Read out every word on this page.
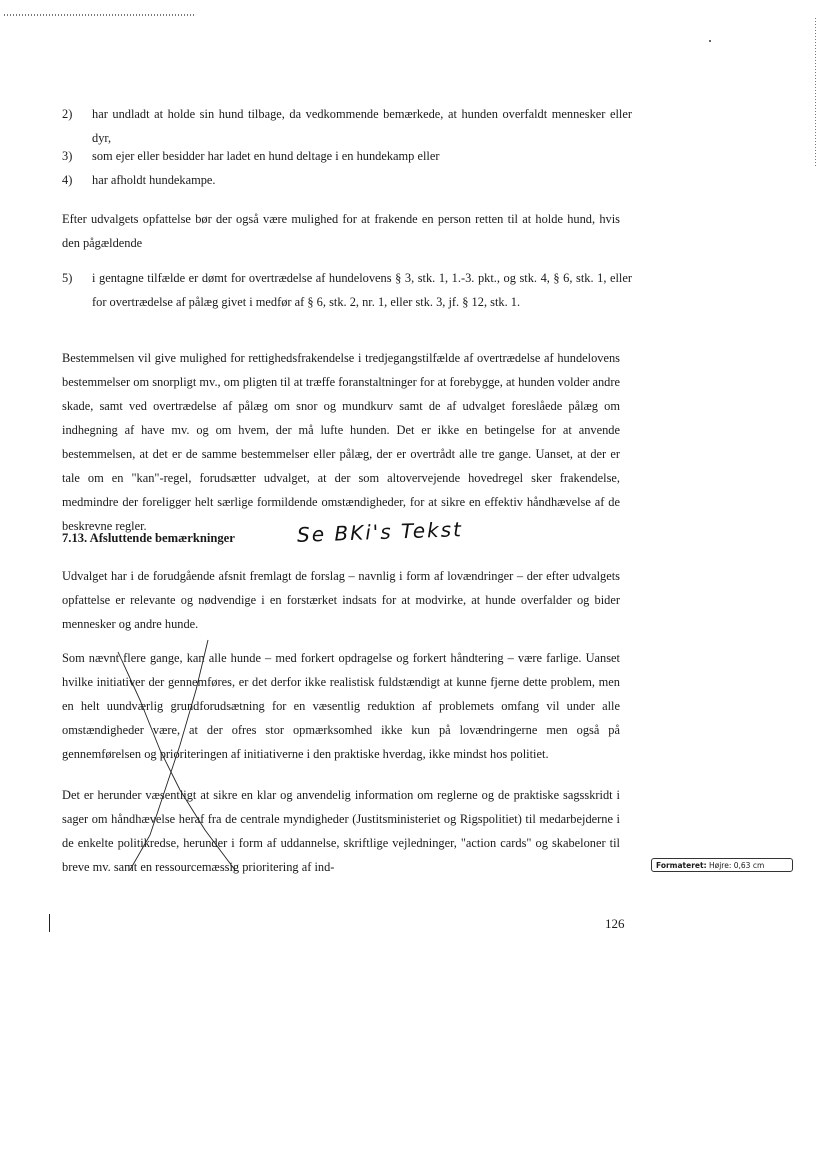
2) har undladt at holde sin hund tilbage, da vedkommende bemærkede, at hunden overfaldt mennesker eller dyr,
3) som ejer eller besidder har ladet en hund deltage i en hundekamp eller
4) har afholdt hundekampe.
Efter udvalgets opfattelse bør der også være mulighed for at frakende en person retten til at holde hund, hvis den pågældende
5) i gentagne tilfælde er dømt for overtrædelse af hundelovens § 3, stk. 1, 1.-3. pkt., og stk. 4, § 6, stk. 1, eller for overtrædelse af pålæg givet i medfør af § 6, stk. 2, nr. 1, eller stk. 3, jf. § 12, stk. 1.
Bestemmelsen vil give mulighed for rettighedsfrakendelse i tredjegangstilfælde af overtrædelse af hundelovens bestemmelser om snorpligt mv., om pligten til at træffe foranstaltninger for at forebygge, at hunden volder andre skade, samt ved overtrædelse af pålæg om snor og mundkurv samt de af udvalget foreslåede pålæg om indhegning af have mv. og om hvem, der må lufte hunden. Det er ikke en betingelse for at anvende bestemmelsen, at det er de samme bestemmelser eller pålæg, der er overtrådt alle tre gange. Uanset, at der er tale om en "kan"-regel, forudsætter udvalget, at der som altovervejende hovedregel sker frakendelse, medmindre der foreligger helt særlige formildende omstændigheder, for at sikre en effektiv håndhævelse af de beskrevne regler.
7.13. Afsluttende bemærkninger	Se BKi's Tekst
Udvalget har i de forudgående afsnit fremlagt de forslag – navnlig i form af lovændringer – der efter udvalgets opfattelse er relevante og nødvendige i en forstærket indsats for at modvirke, at hunde overfalder og bider mennesker og andre hunde.
Som nævnt flere gange, kan alle hunde – med forkert opdragelse og forkert håndtering – være farlige. Uanset hvilke initiativer der gennemføres, er det derfor ikke realistisk fuldstændigt at kunne fjerne dette problem, men en helt uundværlig grundforudsætning for en væsentlig reduktion af problemets omfang vil under alle omstændigheder være, at der ofres stor opmærksomhed ikke kun på lovændringerne men også på gennemførelsen og prioriteringen af initiativerne i den praktiske hverdag, ikke mindst hos politiet.
Det er herunder væsentligt at sikre en klar og anvendelig information om reglerne og de praktiske sagsskridt i sager om håndhævelse heraf fra de centrale myndigheder (Justitsministeriet og Rigspolitiet) til medarbejderne i de enkelte politikredse, herunder i form af uddannelse, skriftlige vejledninger, "action cards" og skabeloner til breve mv. samt en ressourcemæssig prioritering af ind-	Formateret: Højre: 0,63 cm
126
